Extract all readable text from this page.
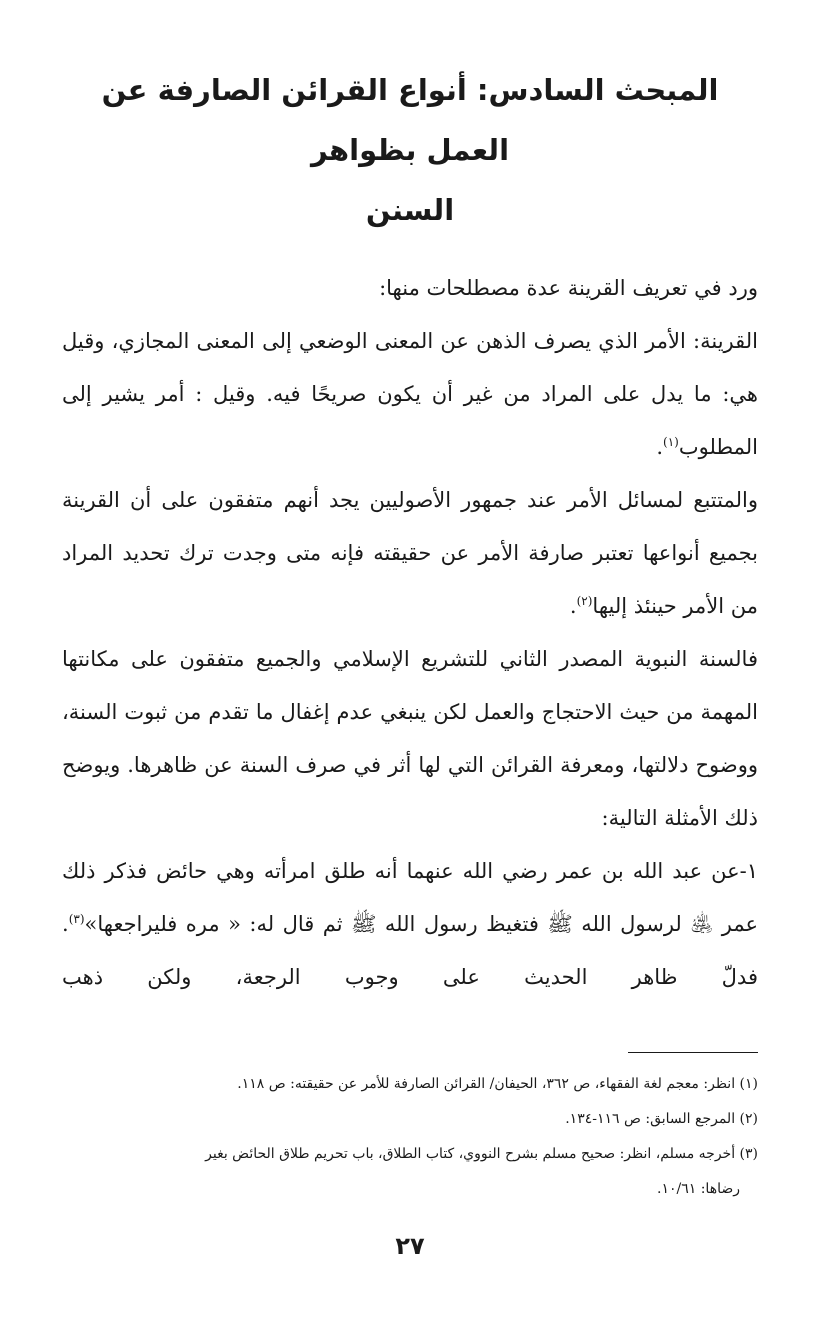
المبحث السادس: أنواع القرائن الصارفة عن العمل بظواهر
السنن

ورد في تعريف القرينة عدة مصطلحات منها:

القرينة: الأمر الذي يصرف الذهن عن المعنى الوضعي إلى المعنى المجازي، وقيل هي: ما يدل على المراد من غير أن يكون صريحًا فيه. وقيل : أمر يشير إلى المطلوب$^{(١)}$.

والمتتبع لمسائل الأمر عند جمهور الأصوليين يجد أنهم متفقون على أن القرينة بجميع أنواعها تعتبر صارفة الأمر عن حقيقته فإنه متى وجدت ترك تحديد المراد من الأمر حينئذ إليها$^{(٢)}$.

فالسنة النبوية المصدر الثاني للتشريع الإسلامي والجميع متفقون على مكانتها المهمة من حيث الاحتجاج والعمل لكن ينبغي عدم إغفال ما تقدم من ثبوت السنة، ووضوح دلالتها، ومعرفة القرائن التي لها أثر في صرف السنة عن ظاهرها. ويوضح ذلك الأمثلة التالية:

١-عن عبد الله بن عمر رضي الله عنهما أنه طلق امرأته وهي حائض فذكر ذلك عمر ﵁ لرسول الله ﷺ فتغيظ رسول الله ﷺ ثم قال له: « مره فليراجعها»$^{(٣)}$. فدلّ ظاهر الحديث على وجوب الرجعة، ولكن ذهب

(١) انظر: معجم لغة الفقهاء، ص ٣٦٢، الحيفان/ القرائن الصارفة للأمر عن حقيقته: ص ١١٨.

(٢) المرجع السابق: ص ١١٦-١٣٤.

(٣) أخرجه مسلم، انظر: صحيح مسلم بشرح النووي، كتاب الطلاق، باب تحريم طلاق الحائض بغير

رضاها: ١٠/٦١.

٢٧
